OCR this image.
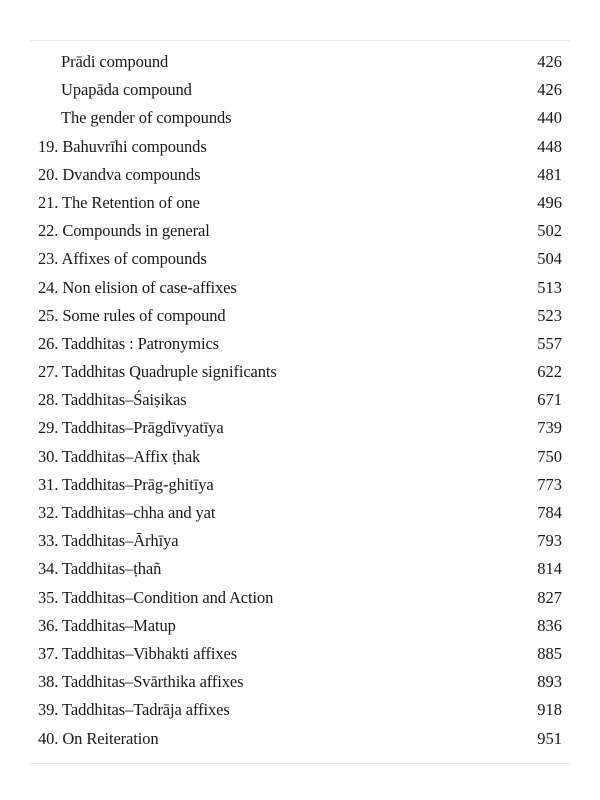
Prādi compound	426
Upapāda compound	426
The gender of compounds	440
19. Bahuvrīhi compounds	448
20. Dvandva compounds	481
21. The Retention of one	496
22. Compounds in general	502
23. Affixes of compounds	504
24. Non elision of case-affixes	513
25. Some rules of compound	523
26. Taddhitas : Patronymics	557
27. Taddhitas Quadruple significants	622
28. Taddhitas–Śaiṣikas	671
29. Taddhitas–Prāgdīvyatīya	739
30. Taddhitas–Affix ṭhak	750
31. Taddhitas–Prāg-ghitīya	773
32. Taddhitas–chha and yat	784
33. Taddhitas–Ārhīya	793
34. Taddhitas–ṭhañ	814
35. Taddhitas–Condition and Action	827
36. Taddhitas–Matup	836
37. Taddhitas–Vibhakti affixes	885
38. Taddhitas–Svārthika affixes	893
39. Taddhitas–Tadrāja affixes	918
40. On Reiteration	951
